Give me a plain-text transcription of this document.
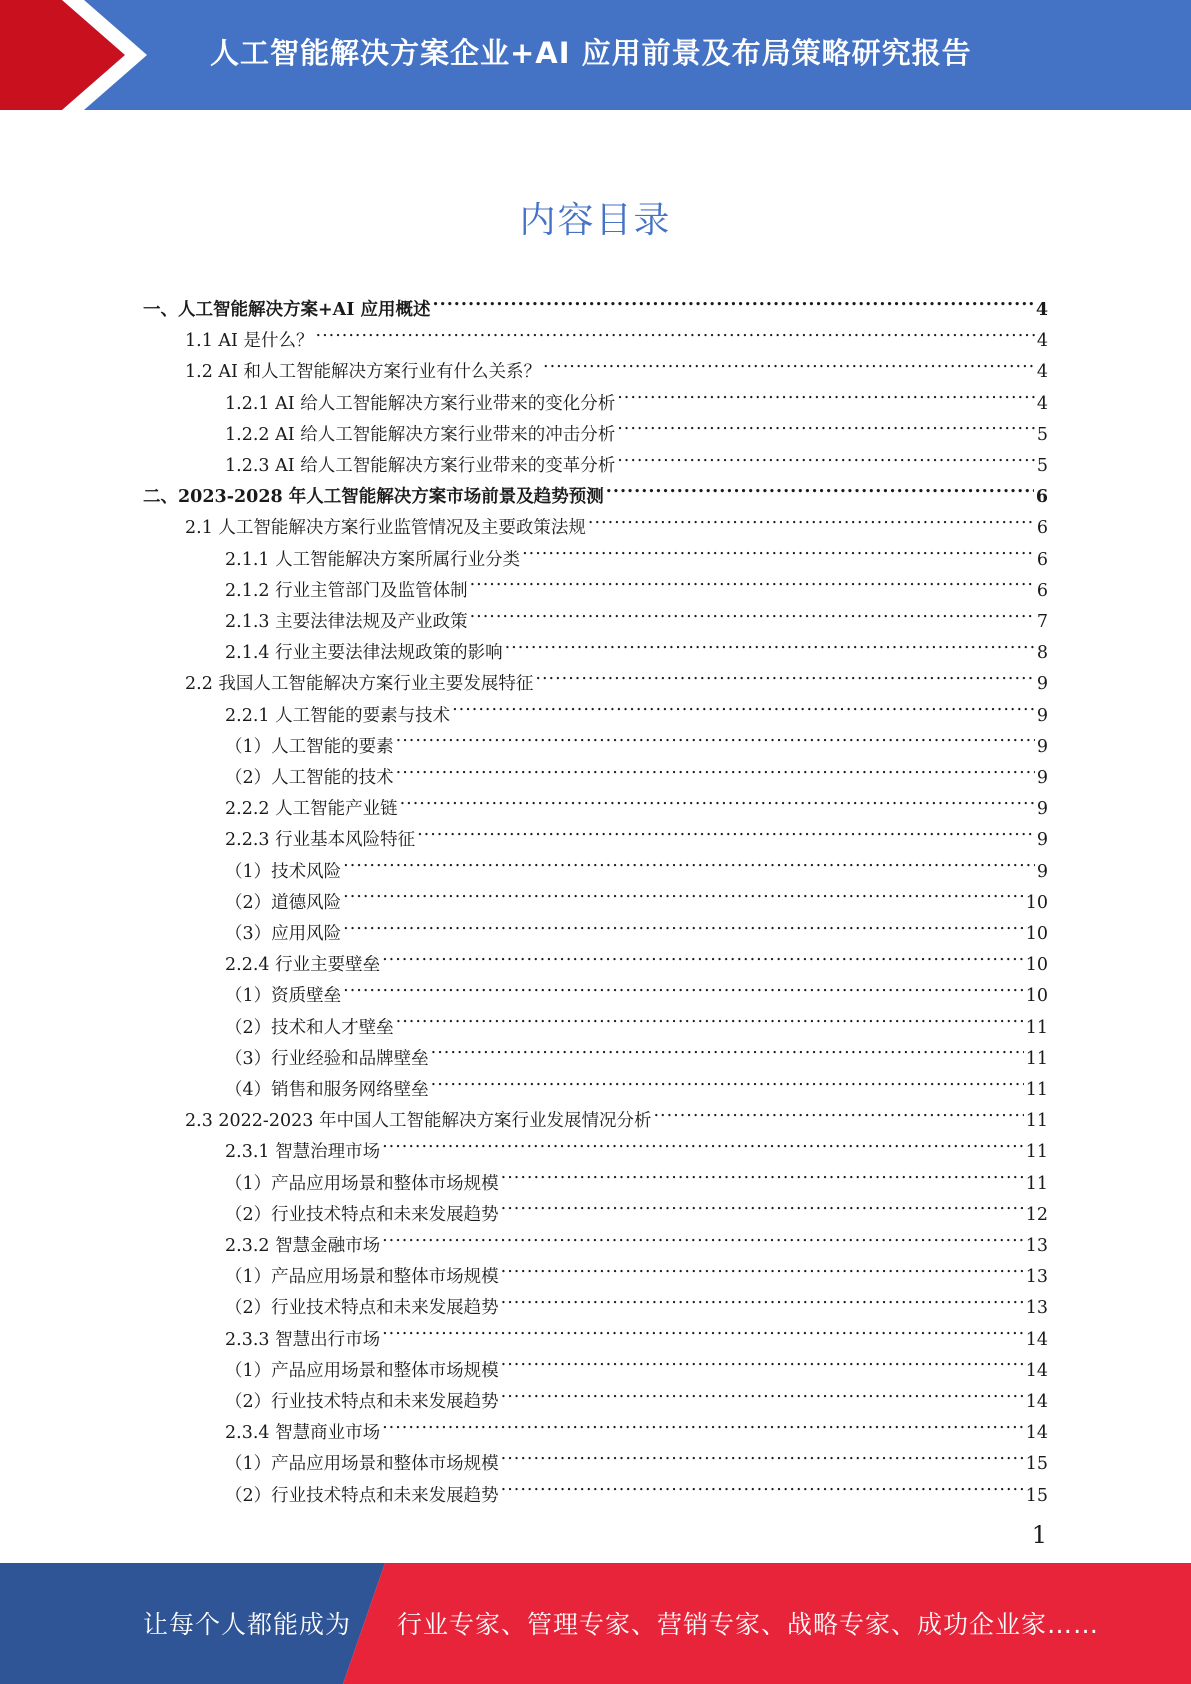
人工智能解决方案企业+AI 应用前景及布局策略研究报告
内容目录
一、人工智能解决方案+AI 应用概述 .....	4
1.1 AI 是什么？ .....	4
1.2 AI 和人工智能解决方案行业有什么关系？ .....	4
1.2.1 AI 给人工智能解决方案行业带来的变化分析 .....	4
1.2.2 AI 给人工智能解决方案行业带来的冲击分析 .....	5
1.2.3 AI 给人工智能解决方案行业带来的变革分析 .....	5
二、2023-2028 年人工智能解决方案市场前景及趋势预测 .....	6
2.1 人工智能解决方案行业监管情况及主要政策法规 .....	6
2.1.1 人工智能解决方案所属行业分类 .....	6
2.1.2 行业主管部门及监管体制 .....	6
2.1.3 主要法律法规及产业政策 .....	7
2.1.4 行业主要法律法规政策的影响 .....	8
2.2 我国人工智能解决方案行业主要发展特征 .....	9
2.2.1 人工智能的要素与技术 .....	9
（1）人工智能的要素 .....	9
（2）人工智能的技术 .....	9
2.2.2 人工智能产业链 .....	9
2.2.3 行业基本风险特征 .....	9
（1）技术风险 .....	9
（2）道德风险 .....	10
（3）应用风险 .....	10
2.2.4 行业主要壁垒 .....	10
（1）资质壁垒 .....	10
（2）技术和人才壁垒 .....	11
（3）行业经验和品牌壁垒 .....	11
（4）销售和服务网络壁垒 .....	11
2.3 2022-2023 年中国人工智能解决方案行业发展情况分析 .....	11
2.3.1 智慧治理市场 .....	11
（1）产品应用场景和整体市场规模 .....	11
（2）行业技术特点和未来发展趋势 .....	12
2.3.2 智慧金融市场 .....	13
（1）产品应用场景和整体市场规模 .....	13
（2）行业技术特点和未来发展趋势 .....	13
2.3.3 智慧出行市场 .....	14
（1）产品应用场景和整体市场规模 .....	14
（2）行业技术特点和未来发展趋势 .....	14
2.3.4 智慧商业市场 .....	14
（1）产品应用场景和整体市场规模 .....	15
（2）行业技术特点和未来发展趋势 .....	15
1
让每个人都能成为 行业专家、管理专家、营销专家、战略专家、成功企业家……
